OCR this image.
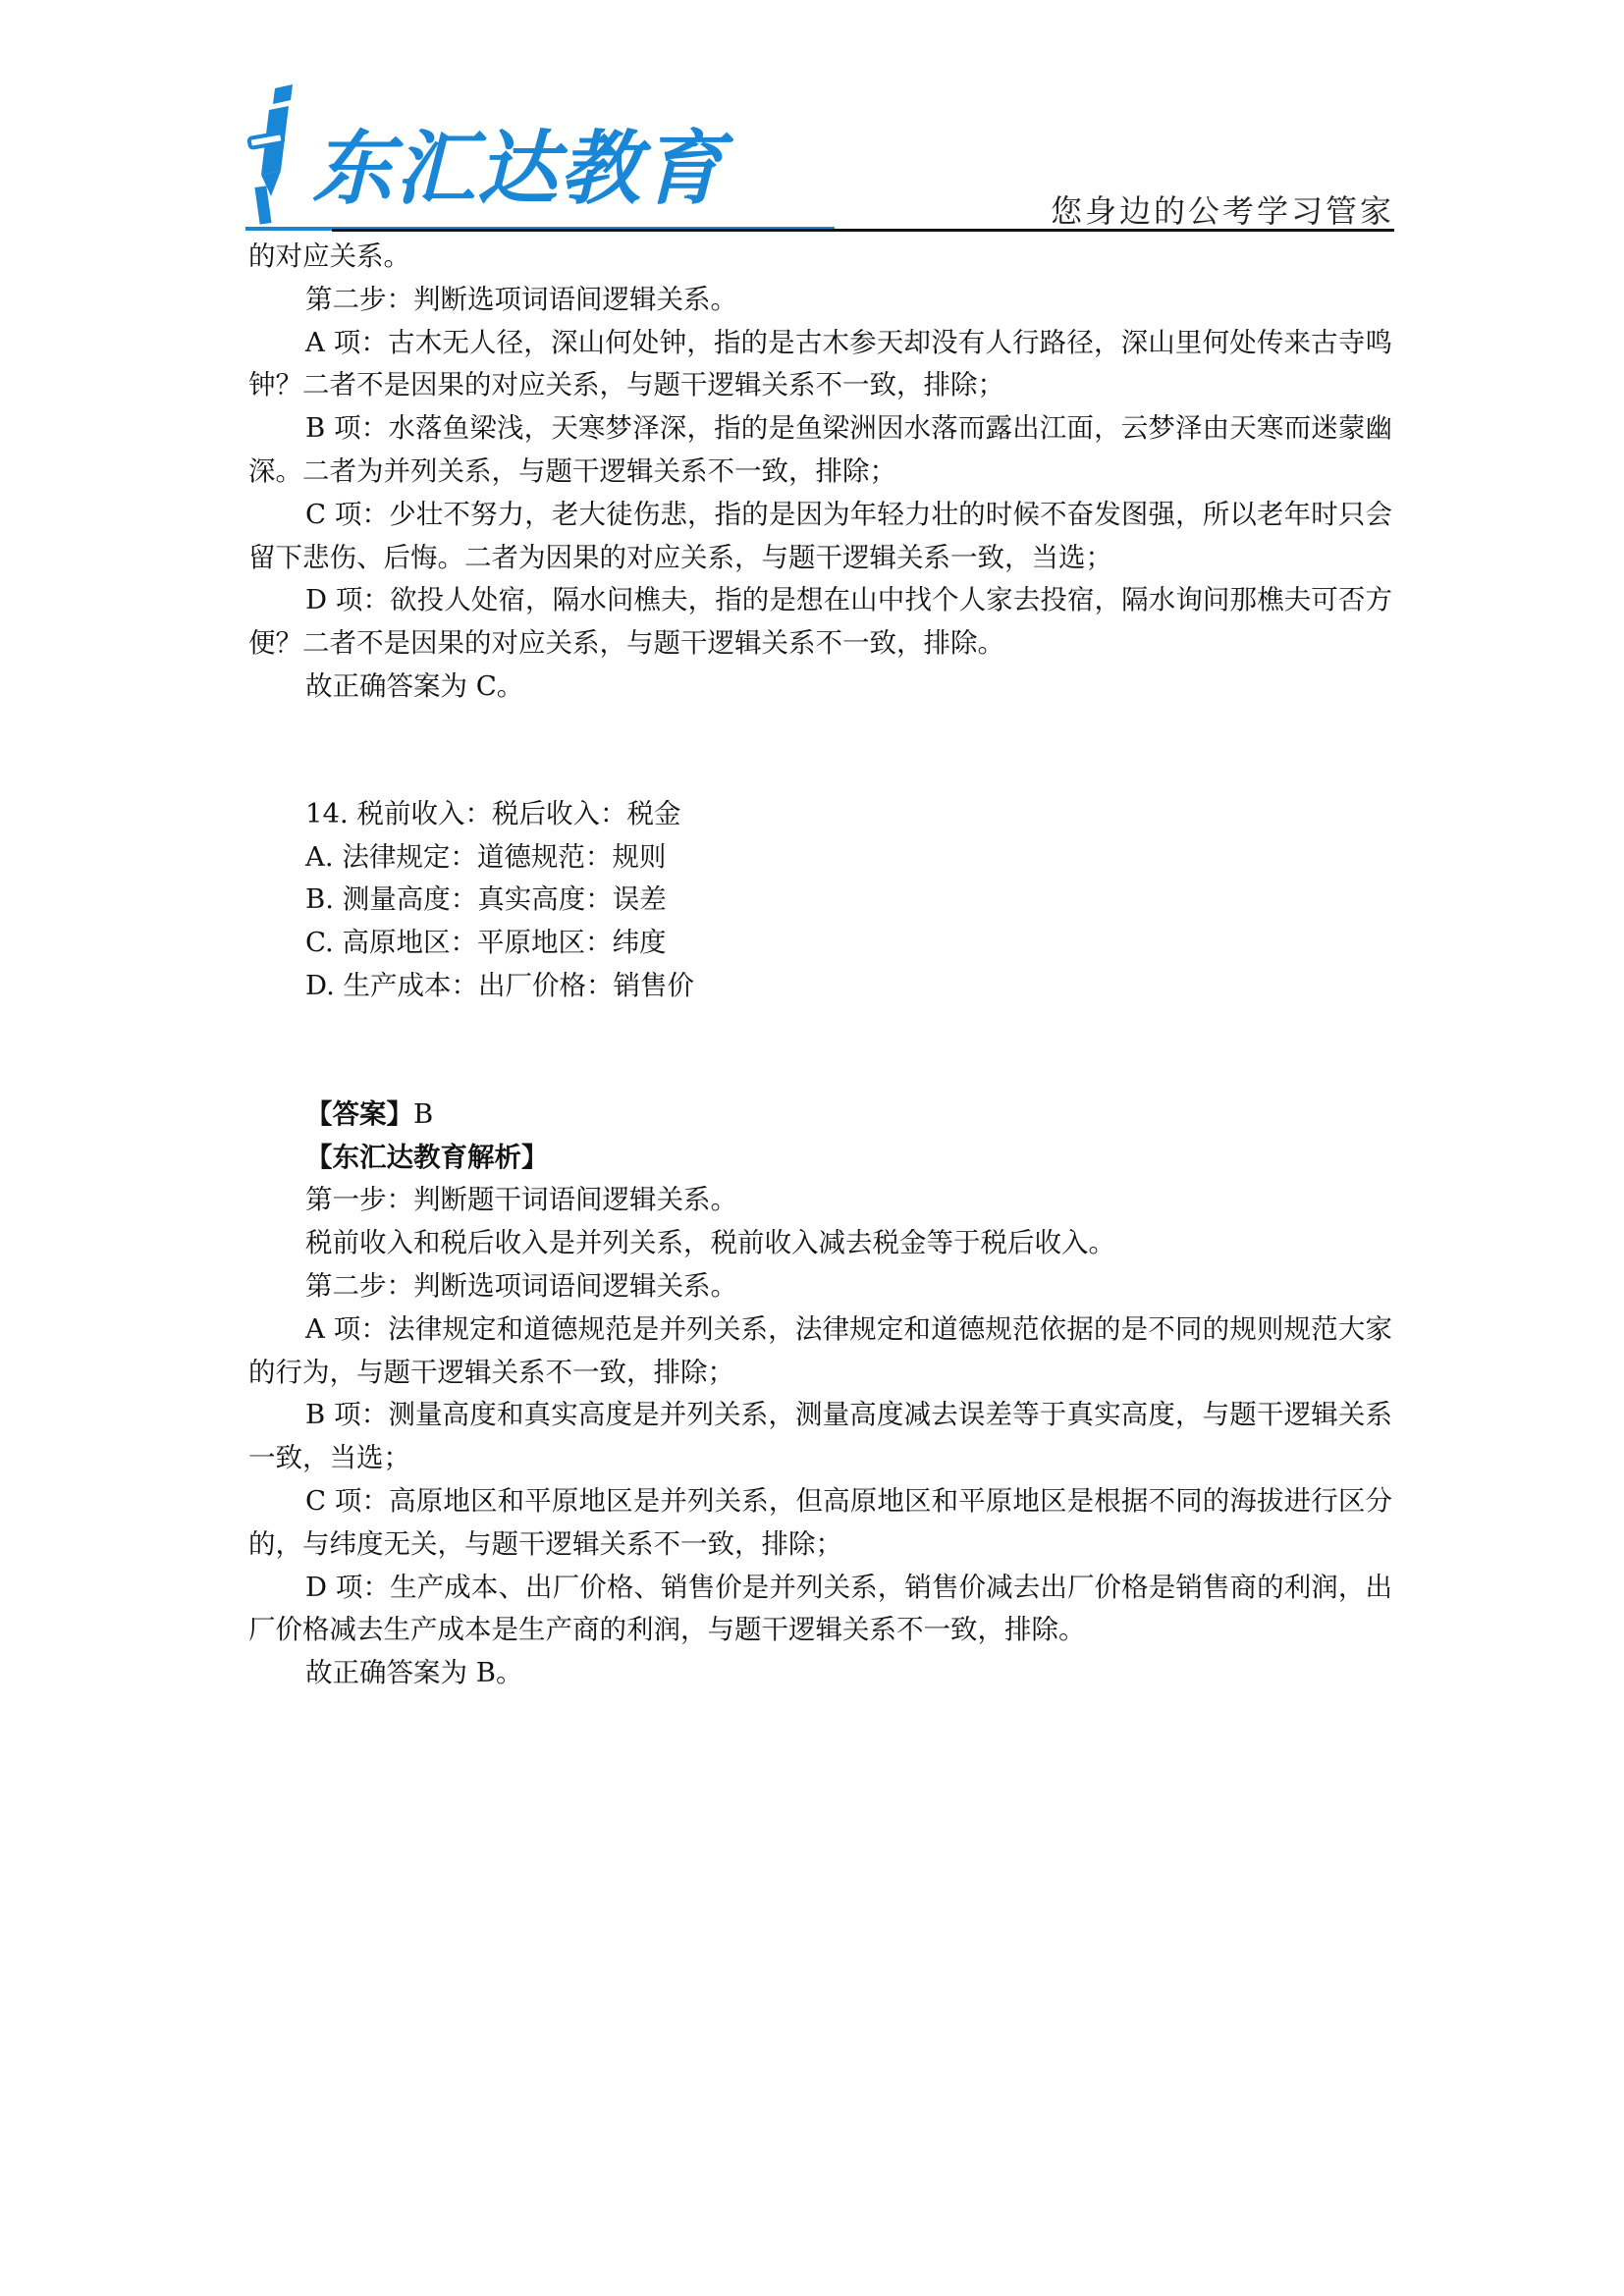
东汇达教育	您身边的公考学习管家

的对应关系。

第二步：判断选项词语间逻辑关系。

A 项：古木无人径，深山何处钟，指的是古木参天却没有人行路径，深山里何处传来古寺鸣钟？二者不是因果的对应关系，与题干逻辑关系不一致，排除；

B 项：水落鱼梁浅，天寒梦泽深，指的是鱼梁洲因水落而露出江面，云梦泽由天寒而迷蒙幽深。二者为并列关系，与题干逻辑关系不一致，排除；

C 项：少壮不努力，老大徒伤悲，指的是因为年轻力壮的时候不奋发图强，所以老年时只会留下悲伤、后悔。二者为因果的对应关系，与题干逻辑关系一致，当选；

D 项：欲投人处宿，隔水问樵夫，指的是想在山中找个人家去投宿，隔水询问那樵夫可否方便？二者不是因果的对应关系，与题干逻辑关系不一致，排除。

故正确答案为 C。

14. 税前收入：税后收入：税金

A. 法律规定：道德规范：规则

B. 测量高度：真实高度：误差

C. 高原地区：平原地区：纬度

D. 生产成本：出厂价格：销售价

【答案】B

【东汇达教育解析】

第一步：判断题干词语间逻辑关系。

税前收入和税后收入是并列关系，税前收入减去税金等于税后收入。

第二步：判断选项词语间逻辑关系。

A 项：法律规定和道德规范是并列关系，法律规定和道德规范依据的是不同的规则规范大家的行为，与题干逻辑关系不一致，排除；

B 项：测量高度和真实高度是并列关系，测量高度减去误差等于真实高度，与题干逻辑关系一致，当选；

C 项：高原地区和平原地区是并列关系，但高原地区和平原地区是根据不同的海拔进行区分的，与纬度无关，与题干逻辑关系不一致，排除；

D 项：生产成本、出厂价格、销售价是并列关系，销售价减去出厂价格是销售商的利润，出厂价格减去生产成本是生产商的利润，与题干逻辑关系不一致，排除。

故正确答案为 B。
